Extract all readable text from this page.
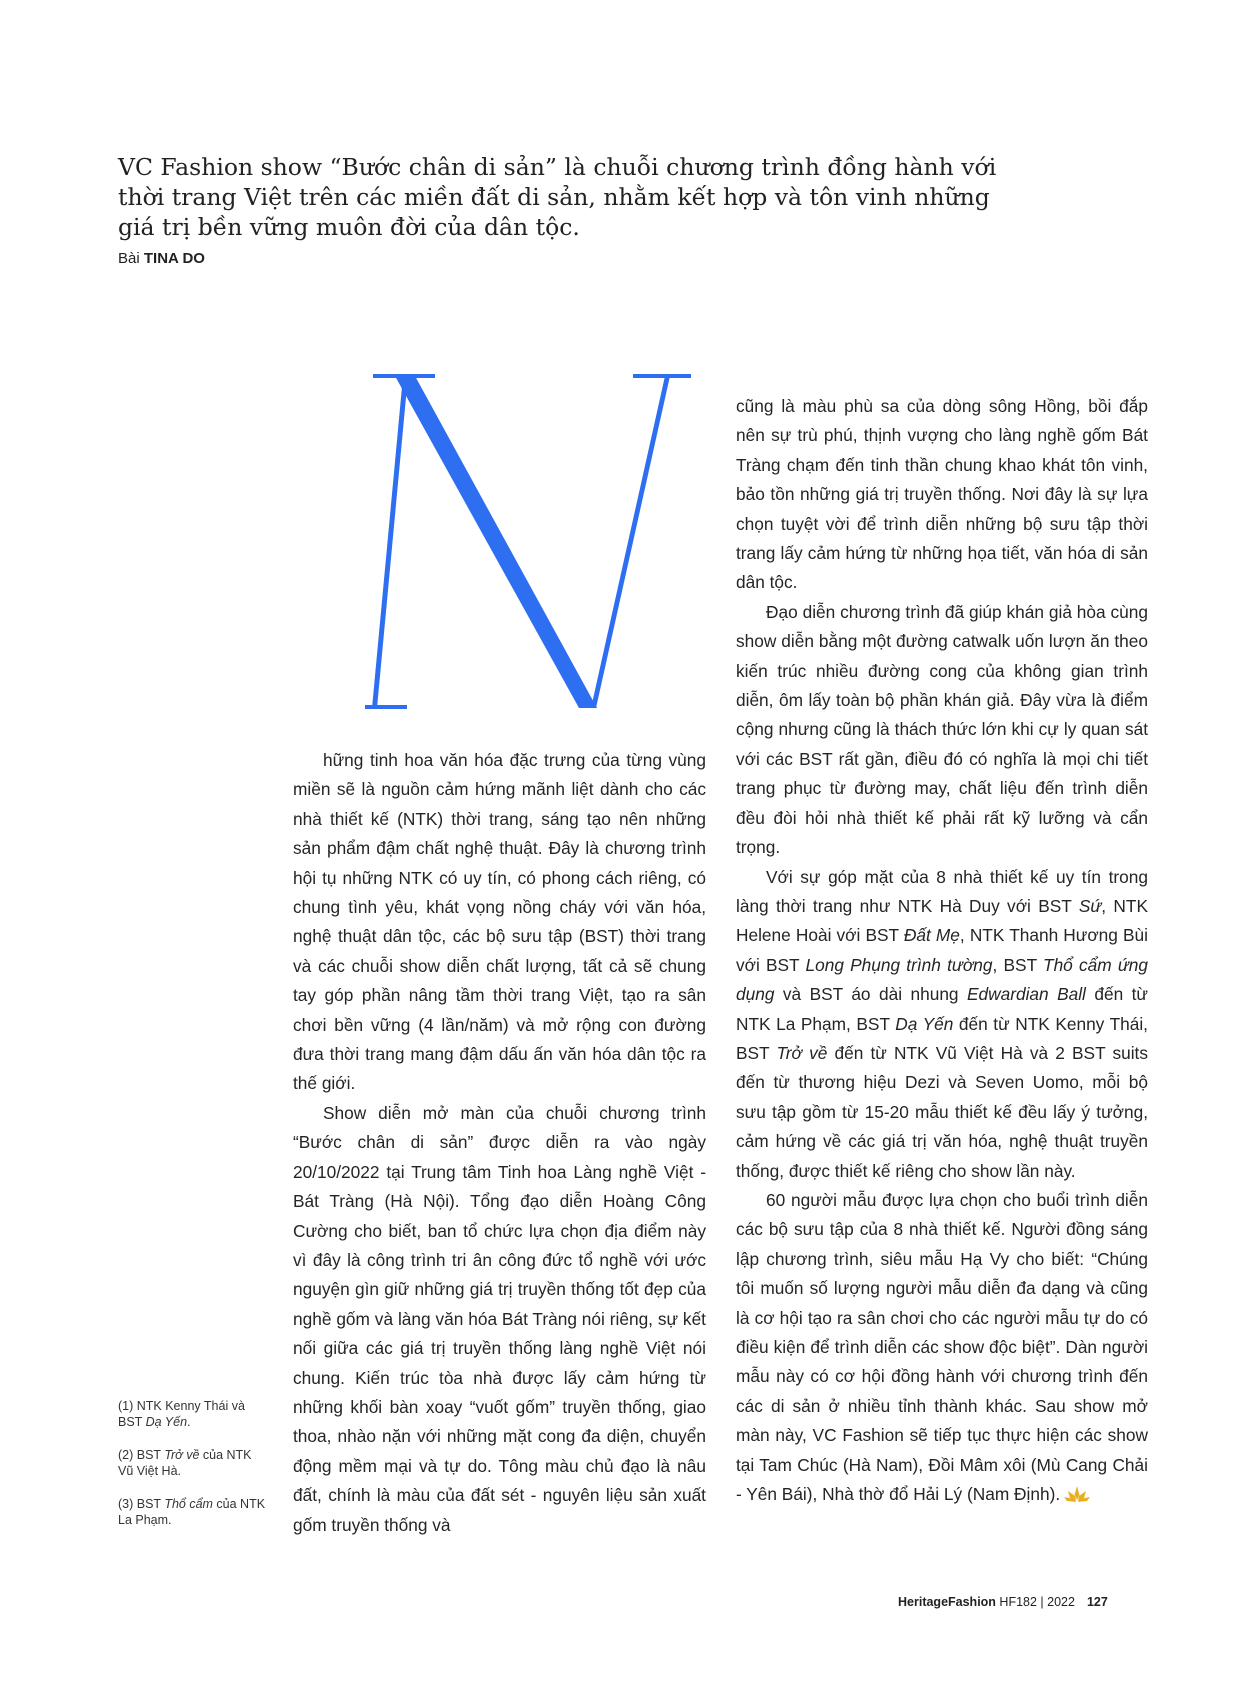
VC Fashion show “Bước chân di sản” là chuỗi chương trình đồng hành với thời trang Việt trên các miền đất di sản, nhằm kết hợp và tôn vinh những giá trị bền vững muôn đời của dân tộc.

Bài TINA DO

hững tinh hoa văn hóa đặc trưng của từng vùng miền sẽ là nguồn cảm hứng mãnh liệt dành cho các nhà thiết kế (NTK) thời trang, sáng tạo nên những sản phẩm đậm chất nghệ thuật. Đây là chương trình hội tụ những NTK có uy tín, có phong cách riêng, có chung tình yêu, khát vọng nồng cháy với văn hóa, nghệ thuật dân tộc, các bộ sưu tập (BST) thời trang và các chuỗi show diễn chất lượng, tất cả sẽ chung tay góp phần nâng tầm thời trang Việt, tạo ra sân chơi bền vững (4 lần/năm) và mở rộng con đường đưa thời trang mang đậm dấu ấn văn hóa dân tộc ra thế giới.

Show diễn mở màn của chuỗi chương trình “Bước chân di sản” được diễn ra vào ngày 20/10/2022 tại Trung tâm Tinh hoa Làng nghề Việt - Bát Tràng (Hà Nội). Tổng đạo diễn Hoàng Công Cường cho biết, ban tổ chức lựa chọn địa điểm này vì đây là công trình tri ân công đức tổ nghề với ước nguyện gìn giữ những giá trị truyền thống tốt đẹp của nghề gốm và làng văn hóa Bát Tràng nói riêng, sự kết nối giữa các giá trị truyền thống làng nghề Việt nói chung. Kiến trúc tòa nhà được lấy cảm hứng từ những khối bàn xoay “vuốt gốm” truyền thống, giao thoa, nhào nặn với những mặt cong đa diện, chuyển động mềm mại và tự do. Tông màu chủ đạo là nâu đất, chính là màu của đất sét - nguyên liệu sản xuất gốm truyền thống và

cũng là màu phù sa của dòng sông Hồng, bồi đắp nên sự trù phú, thịnh vượng cho làng nghề gốm Bát Tràng chạm đến tinh thần chung khao khát tôn vinh, bảo tồn những giá trị truyền thống. Nơi đây là sự lựa chọn tuyệt vời để trình diễn những bộ sưu tập thời trang lấy cảm hứng từ những họa tiết, văn hóa di sản dân tộc.

Đạo diễn chương trình đã giúp khán giả hòa cùng show diễn bằng một đường catwalk uốn lượn ăn theo kiến trúc nhiều đường cong của không gian trình diễn, ôm lấy toàn bộ phần khán giả. Đây vừa là điểm cộng nhưng cũng là thách thức lớn khi cự ly quan sát với các BST rất gần, điều đó có nghĩa là mọi chi tiết trang phục từ đường may, chất liệu đến trình diễn đều đòi hỏi nhà thiết kế phải rất kỹ lưỡng và cẩn trọng.

Với sự góp mặt của 8 nhà thiết kế uy tín trong làng thời trang như NTK Hà Duy với BST Sứ, NTK Helene Hoài với BST Đất Mẹ, NTK Thanh Hương Bùi với BST Long Phụng trình tường, BST Thổ cẩm ứng dụng và BST áo dài nhung Edwardian Ball đến từ NTK La Phạm, BST Dạ Yến đến từ NTK Kenny Thái, BST Trở về đến từ NTK Vũ Việt Hà và 2 BST suits đến từ thương hiệu Dezi và Seven Uomo, mỗi bộ sưu tập gồm từ 15-20 mẫu thiết kế đều lấy ý tưởng, cảm hứng về các giá trị văn hóa, nghệ thuật truyền thống, được thiết kế riêng cho show lần này.

60 người mẫu được lựa chọn cho buổi trình diễn các bộ sưu tập của 8 nhà thiết kế. Người đồng sáng lập chương trình, siêu mẫu Hạ Vy cho biết: “Chúng tôi muốn số lượng người mẫu diễn đa dạng và cũng là cơ hội tạo ra sân chơi cho các người mẫu tự do có điều kiện để trình diễn các show độc biệt”. Dàn người mẫu này có cơ hội đồng hành với chương trình đến các di sản ở nhiều tỉnh thành khác. Sau show mở màn này, VC Fashion sẽ tiếp tục thực hiện các show tại Tam Chúc (Hà Nam), Đồi Mâm xôi (Mù Cang Chải - Yên Bái), Nhà thờ đổ Hải Lý (Nam Định).

(1) NTK Kenny Thái và BST Dạ Yến.
(2) BST Trở về của NTK Vũ Việt Hà.
(3) BST Thổ cẩm của NTK La Phạm.
HeritageFashion HF182 | 2022 127
